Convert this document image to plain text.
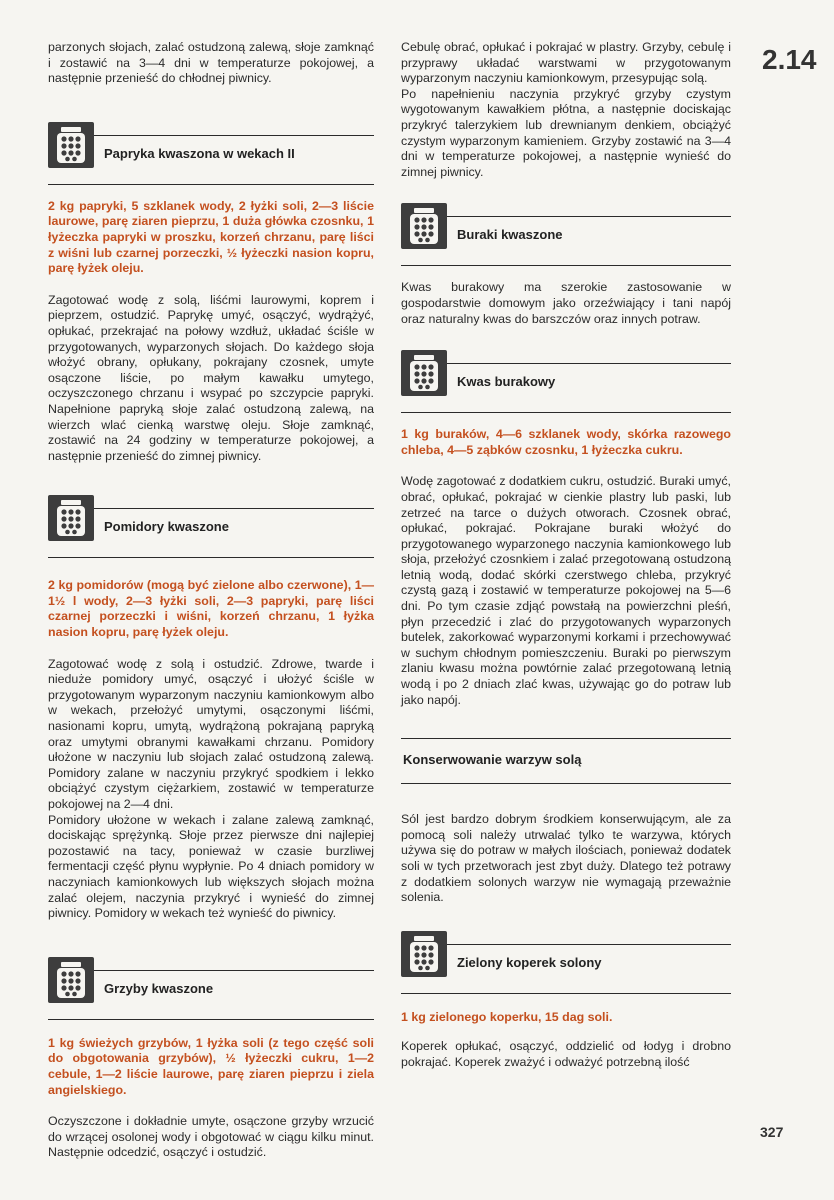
2.14

parzonych słojach, zalać ostudzoną zalewą, słoje zamknąć i zostawić na 3—4 dni w temperaturze pokojowej, a następnie przenieść do chłodnej piwnicy.

Papryka kwaszona w wekach II
2 kg papryki, 5 szklanek wody, 2 łyżki soli, 2—3 liście laurowe, parę ziaren pieprzu, 1 duża główka czosnku, 1 łyżeczka papryki w proszku, korzeń chrzanu, parę liści z wiśni lub czarnej porzeczki, ½ łyżeczki nasion kopru, parę łyżek oleju.

Zagotować wodę z solą, liśćmi laurowymi, koprem i pieprzem, ostudzić. Paprykę umyć, osączyć, wydrążyć, opłukać, przekrajać na połowy wzdłuż, układać ściśle w przygotowanych, wyparzonych słojach. Do każdego słoja włożyć obrany, opłukany, pokrajany czosnek, umyte osączone liście, po małym kawałku umytego, oczyszczonego chrzanu i wsypać po szczypcie papryki. Napełnione papryką słoje zalać ostudzoną zalewą, na wierzch wlać cienką warstwę oleju. Słoje zamknąć, zostawić na 24 godziny w temperaturze pokojowej, a następnie przenieść do zimnej piwnicy.

Pomidory kwaszone
2 kg pomidorów (mogą być zielone albo czerwone), 1—1½ l wody, 2—3 łyżki soli, 2—3 papryki, parę liści czarnej porzeczki i wiśni, korzeń chrzanu, 1 łyżka nasion kopru, parę łyżek oleju.

Zagotować wodę z solą i ostudzić. Zdrowe, twarde i nieduże pomidory umyć, osączyć i ułożyć ściśle w przygotowanym wyparzonym naczyniu kamionkowym albo w wekach, przełożyć umytymi, osączonymi liśćmi, nasionami kopru, umytą, wydrążoną pokrajaną papryką oraz umytymi obranymi kawałkami chrzanu. Pomidory ułożone w naczyniu lub słojach zalać ostudzoną zalewą. Pomidory zalane w naczyniu przykryć spodkiem i lekko obciążyć czystym ciężarkiem, zostawić w temperaturze pokojowej na 2—4 dni.

Pomidory ułożone w wekach i zalane zalewą zamknąć, dociskając sprężynką. Słoje przez pierwsze dni najlepiej pozostawić na tacy, ponieważ w czasie burzliwej fermentacji część płynu wypłynie. Po 4 dniach pomidory w naczyniach kamionkowych lub większych słojach można zalać olejem, naczynia przykryć i wynieść do zimnej piwnicy. Pomidory w wekach też wynieść do piwnicy.

Grzyby kwaszone
1 kg świeżych grzybów, 1 łyżka soli (z tego część soli do obgotowania grzybów), ½ łyżeczki cukru, 1—2 cebule, 1—2 liście laurowe, parę ziaren pieprzu i ziela angielskiego.

Oczyszczone i dokładnie umyte, osączone grzyby wrzucić do wrzącej osolonej wody i obgotować w ciągu kilku minut. Następnie odcedzić, osączyć i ostudzić.

Cebulę obrać, opłukać i pokrajać w plastry. Grzyby, cebulę i przyprawy układać warstwami w przygotowanym wyparzonym naczyniu kamionkowym, przesypując solą.

Po napełnieniu naczynia przykryć grzyby czystym wygotowanym kawałkiem płótna, a następnie dociskając przykryć talerzykiem lub drewnianym denkiem, obciążyć czystym wyparzonym kamieniem. Grzyby zostawić na 3—4 dni w temperaturze pokojowej, a następnie wynieść do zimnej piwnicy.

Buraki kwaszone

Kwas burakowy ma szerokie zastosowanie w gospodarstwie domowym jako orzeźwiający i tani napój oraz naturalny kwas do barszczów oraz innych potraw.

Kwas burakowy
1 kg buraków, 4—6 szklanek wody, skórka razowego chleba, 4—5 ząbków czosnku, 1 łyżeczka cukru.

Wodę zagotować z dodatkiem cukru, ostudzić. Buraki umyć, obrać, opłukać, pokrajać w cienkie plastry lub paski, lub zetrzeć na tarce o dużych otworach. Czosnek obrać, opłukać, pokrajać. Pokrajane buraki włożyć do przygotowanego wyparzonego naczynia kamionkowego lub słoja, przełożyć czosnkiem i zalać przegotowaną ostudzoną letnią wodą, dodać skórki czerstwego chleba, przykryć czystą gazą i zostawić w temperaturze pokojowej na 5—6 dni. Po tym czasie zdjąć powstałą na powierzchni pleśń, płyn przecedzić i zlać do przygotowanych wyparzonych butelek, zakorkować wyparzonymi korkami i przechowywać w suchym chłodnym pomieszczeniu. Buraki po pierwszym zlaniu kwasu można powtórnie zalać przegotowaną letnią wodą i po 2 dniach zlać kwas, używając go do potraw lub jako napój.

Konserwowanie warzyw solą

Sól jest bardzo dobrym środkiem konserwującym, ale za pomocą soli należy utrwalać tylko te warzywa, których używa się do potraw w małych ilościach, ponieważ dodatek soli w tych przetworach jest zbyt duży. Dlatego też potrawy z dodatkiem solonych warzyw nie wymagają przeważnie solenia.

Zielony koperek solony
1 kg zielonego koperku, 15 dag soli.

Koperek opłukać, osączyć, oddzielić od łodyg i drobno pokrajać. Koperek zważyć i odważyć potrzebną ilość

327
